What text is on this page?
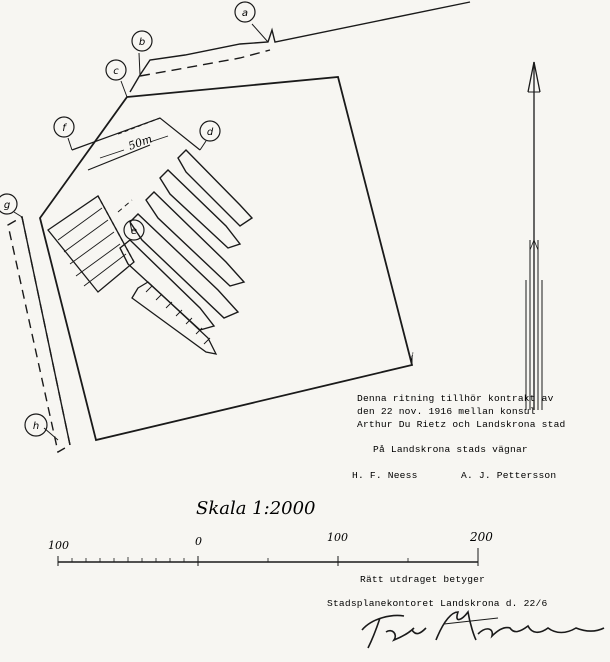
a
b
c
d
e
f
g
h
i
50m
Denna ritning tillhör kontrakt av
den 22 nov. 1916 mellan konsul
Arthur Du Rietz och Landskrona stad
På Landskrona stads vägnar
H. F. Neess	A. J. Pettersson
Skala 1:2000
100	0	100	200
Rätt utdraget betyger
Stadsplanekontoret Landskrona d. 22/6
